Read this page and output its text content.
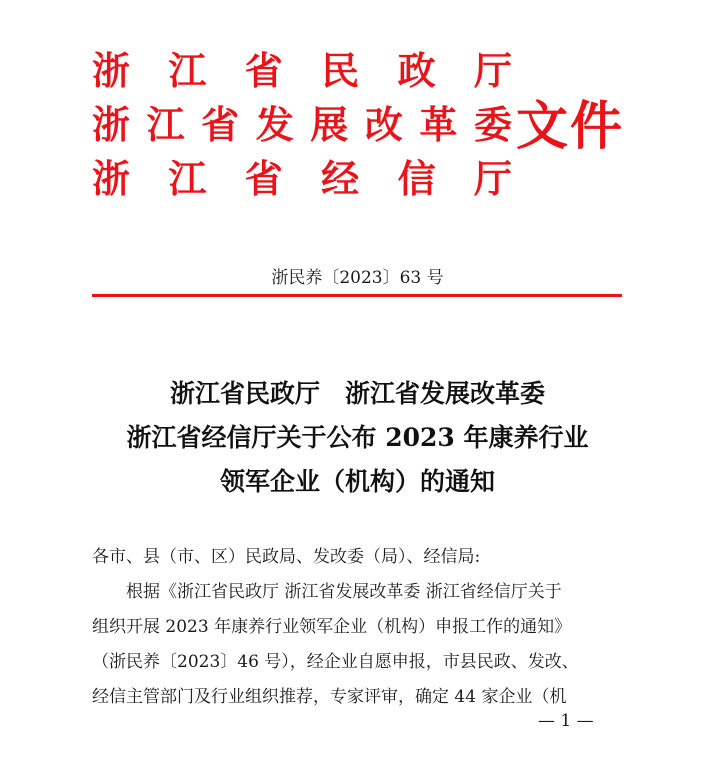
浙 江 省 民 政 厅
浙 江 省 发 展 改 革 委
浙 江 省 经 信 厅
文件
浙民养〔2023〕63 号
浙江省民政厅　浙江省发展改革委
浙江省经信厅关于公布 2023 年康养行业
领军企业（机构）的通知
各市、县（市、区）民政局、发改委（局）、经信局:
根据《浙江省民政厅 浙江省发展改革委 浙江省经信厅关于
组织开展 2023 年康养行业领军企业（机构）申报工作的通知》
（浙民养〔2023〕46 号），经企业自愿申报，市县民政、发改、
经信主管部门及行业组织推荐，专家评审，确定 44 家企业（机
— 1 —
